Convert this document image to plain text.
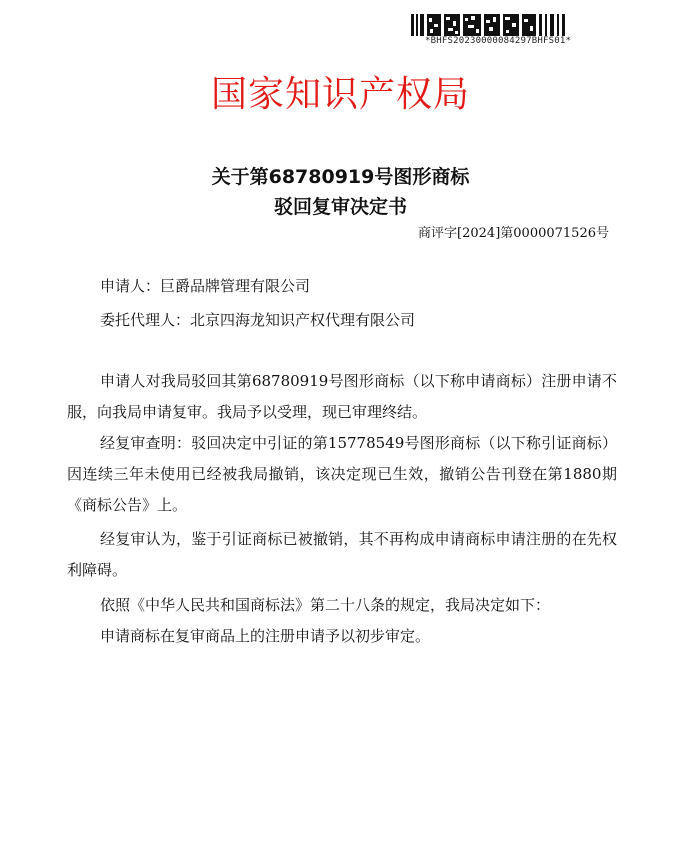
*BHFS20230000084297BHFS01*
国家知识产权局
关于第68780919号图形商标
驳回复审决定书
商评字[2024]第0000071526号
申请人：巨爵品牌管理有限公司
委托代理人：北京四海龙知识产权代理有限公司
申请人对我局驳回其第68780919号图形商标（以下称申请商标）注册申请不服，向我局申请复审。我局予以受理，现已审理终结。
经复审查明：驳回决定中引证的第15778549号图形商标（以下称引证商标）因连续三年未使用已经被我局撤销，该决定现已生效，撤销公告刊登在第1880期《商标公告》上。
经复审认为，鉴于引证商标已被撤销，其不再构成申请商标申请注册的在先权利障碍。
依照《中华人民共和国商标法》第二十八条的规定，我局决定如下：
申请商标在复审商品上的注册申请予以初步审定。
